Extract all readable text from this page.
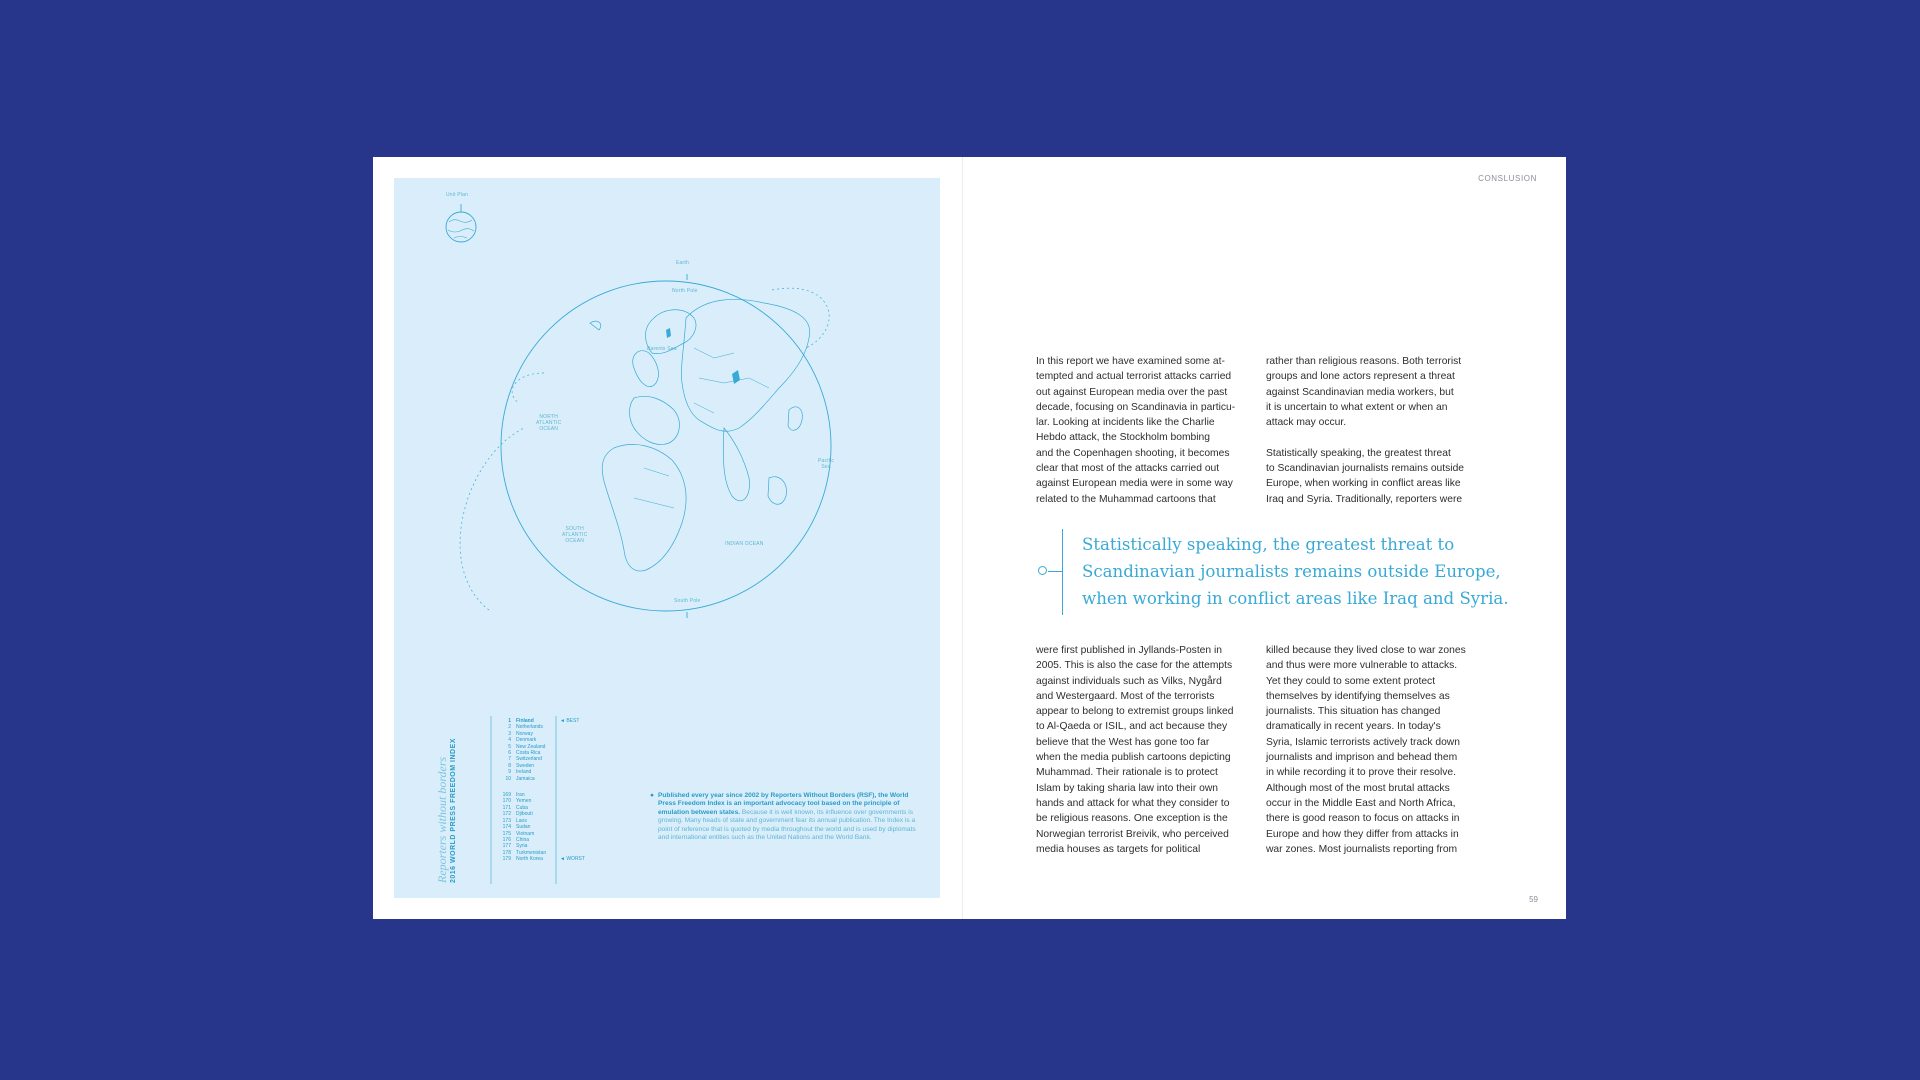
Unit Plan
Earth
North Pole
Barents Sea
NORTH
ATLANTIC
OCEAN
Pacific
Sea
SOUTH
ATLANTIC
OCEAN	INDIAN OCEAN
South Pole
Reporters without borders 2016 WORLD PRESS FREEDOM INDEX
1 Finland
2 Netherlands
3 Norway
4 Denmark
5 New Zealand
6 Costa Rica
7 Switzerland
8 Sweden
9 Ireland
10 Jamaica
169 Iran
170 Yemen
171 Cuba
172 Djibouti
173 Laos
174 Sudan
175 Vietnam
176 China
177 Syria
178 Turkmenistan
179 North Korea
◄ BEST
◄ WORST
● Published every year since 2002 by Reporters Without Borders (RSF), the World Press Freedom Index is an important advocacy tool based on the principle of emulation between states. Because it is well known, its influence over governments is growing. Many heads of state and government fear its annual publication. The Index is a point of reference that is quoted by media throughout the world and is used by diplomats and international entities such as the United Nations and the World Bank.
CONSLUSION

In this report we have examined some at-
tempted and actual terrorist attacks carried
out against European media over the past
decade, focusing on Scandinavia in particu-
lar. Looking at incidents like the Charlie
Hebdo attack, the Stockholm bombing
and the Copenhagen shooting, it becomes
clear that most of the attacks carried out
against European media were in some way
related to the Muhammad cartoons that

rather than religious reasons. Both terrorist
groups and lone actors represent a threat
against Scandinavian media workers, but
it is uncertain to what extent or when an
attack may occur.

Statistically speaking, the greatest threat
to Scandinavian journalists remains outside
Europe, when working in conflict areas like
Iraq and Syria. Traditionally, reporters were

Statistically speaking, the greatest threat to
Scandinavian journalists remains outside Europe,
when working in conflict areas like Iraq and Syria.

were first published in Jyllands-Posten in
2005. This is also the case for the attempts
against individuals such as Vilks, Nygård
and Westergaard. Most of the terrorists
appear to belong to extremist groups linked
to Al-Qaeda or ISIL, and act because they
believe that the West has gone too far
when the media publish cartoons depicting
Muhammad. Their rationale is to protect
Islam by taking sharia law into their own
hands and attack for what they consider to
be religious reasons. One exception is the
Norwegian terrorist Breivik, who perceived
media houses as targets for political

killed because they lived close to war zones
and thus were more vulnerable to attacks.
Yet they could to some extent protect
themselves by identifying themselves as
journalists. This situation has changed
dramatically in recent years. In today's
Syria, Islamic terrorists actively track down
journalists and imprison and behead them
in while recording it to prove their resolve.
Although most of the most brutal attacks
occur in the Middle East and North Africa,
there is good reason to focus on attacks in
Europe and how they differ from attacks in
war zones. Most journalists reporting from

59
